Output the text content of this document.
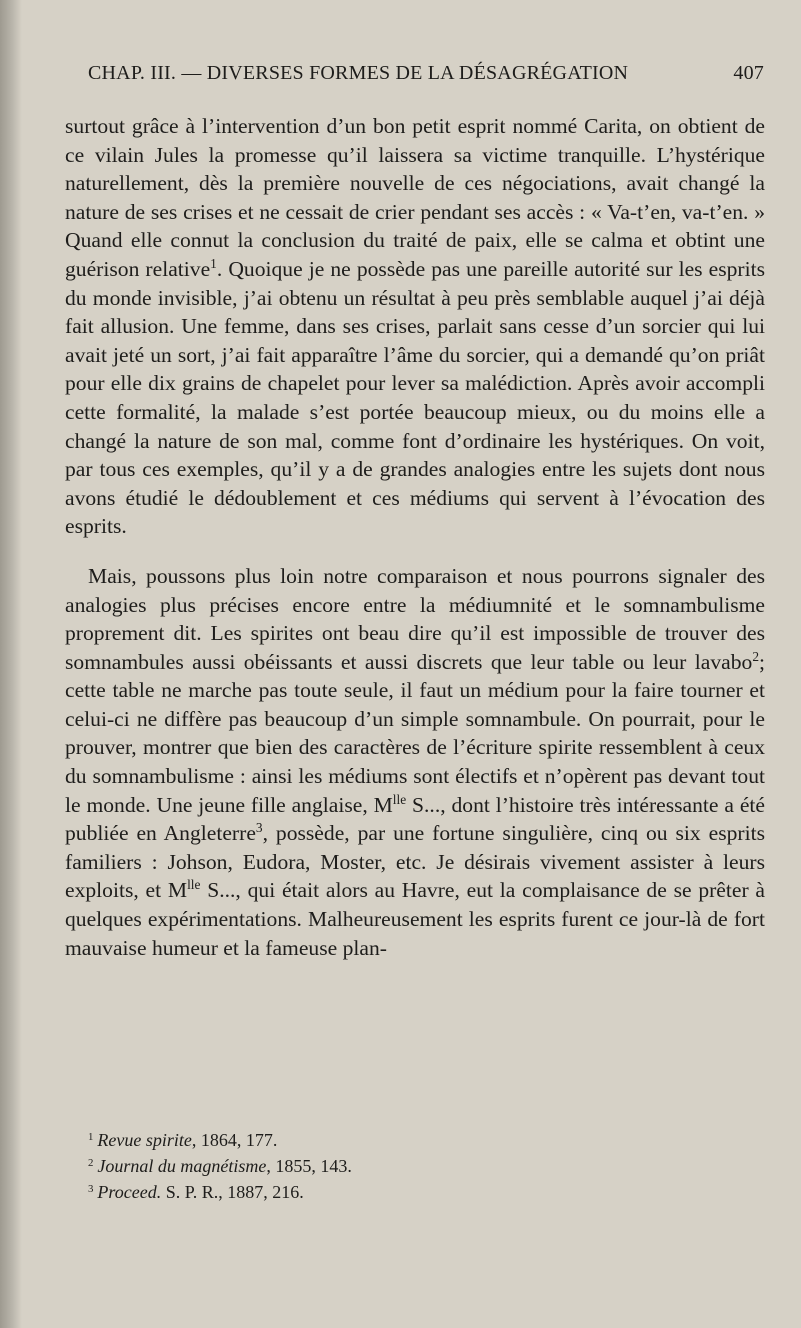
CHAP. III. — DIVERSES FORMES DE LA DÉSAGRÉGATION	407

surtout grâce à l’intervention d’un bon petit esprit nommé Carita, on obtient de ce vilain Jules la promesse qu’il laissera sa victime tranquille. L’hystérique naturellement, dès la première nouvelle de ces négociations, avait changé la nature de ses crises et ne cessait de crier pendant ses accès : « Va-t’en, va-t’en. » Quand elle connut la conclusion du traité de paix, elle se calma et obtint une guérison relative$^1$. Quoique je ne possède pas une pareille autorité sur les esprits du monde invisible, j’ai obtenu un résultat à peu près semblable auquel j’ai déjà fait allusion. Une femme, dans ses crises, parlait sans cesse d’un sorcier qui lui avait jeté un sort, j’ai fait apparaître l’âme du sorcier, qui a demandé qu’on priât pour elle dix grains de chapelet pour lever sa malédiction. Après avoir accompli cette formalité, la malade s’est portée beaucoup mieux, ou du moins elle a changé la nature de son mal, comme font d’ordinaire les hystériques. On voit, par tous ces exemples, qu’il y a de grandes analogies entre les sujets dont nous avons étudié le dédoublement et ces médiums qui servent à l’évocation des esprits.

Mais, poussons plus loin notre comparaison et nous pourrons signaler des analogies plus précises encore entre la médiumnité et le somnambulisme proprement dit. Les spirites ont beau dire qu’il est impossible de trouver des somnambules aussi obéissants et aussi discrets que leur table ou leur lavabo$^2$; cette table ne marche pas toute seule, il faut un médium pour la faire tourner et celui-ci ne diffère pas beaucoup d’un simple somnambule. On pourrait, pour le prouver, montrer que bien des caractères de l’écriture spirite ressemblent à ceux du somnambulisme : ainsi les médiums sont électifs et n’opèrent pas devant tout le monde. Une jeune fille anglaise, $M^{lle}$ S..., dont l’histoire très intéressante a été publiée en Angleterre$^3$, possède, par une fortune singulière, cinq ou six esprits familiers : Johson, Eudora, Moster, etc. Je désirais vivement assister à leurs exploits, et $M^{lle}$ S..., qui était alors au Havre, eut la complaisance de se prêter à quelques expérimentations. Malheureusement les esprits furent ce jour-là de fort mauvaise humeur et la fameuse plan-

$^1$ Revue spirite, 1864, 177.
$^2$ Journal du magnétisme, 1855, 143.
$^3$ Proceed. S. P. R., 1887, 216.
